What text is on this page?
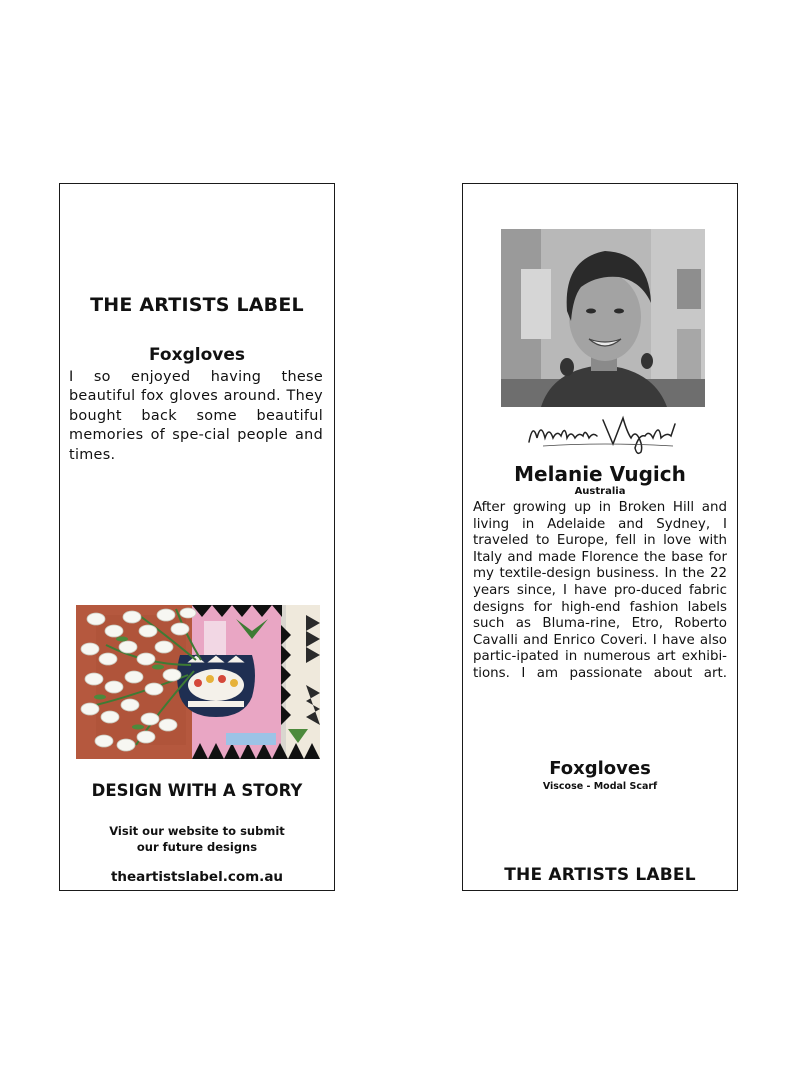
THE ARTISTS LABEL
Foxgloves
I so enjoyed having these beautiful fox gloves around. They bought back some beautiful memories of spe-cial people and times.
DESIGN WITH A STORY
Visit our website to submit
our future designs
theartistslabel.com.au
Melanie Vugich
Australia
After growing up in Broken Hill and living in Adelaide and Sydney, I traveled to Europe, fell in love with Italy and made Florence the base for my textile-design business. In the 22 years since, I have pro-duced fabric designs for high-end fashion labels such as Bluma-rine, Etro, Roberto Cavalli and Enrico Coveri. I have also partic-ipated in numerous art exhibi-tions. I am passionate about art.
Foxgloves
Viscose - Modal Scarf
THE ARTISTS LABEL
